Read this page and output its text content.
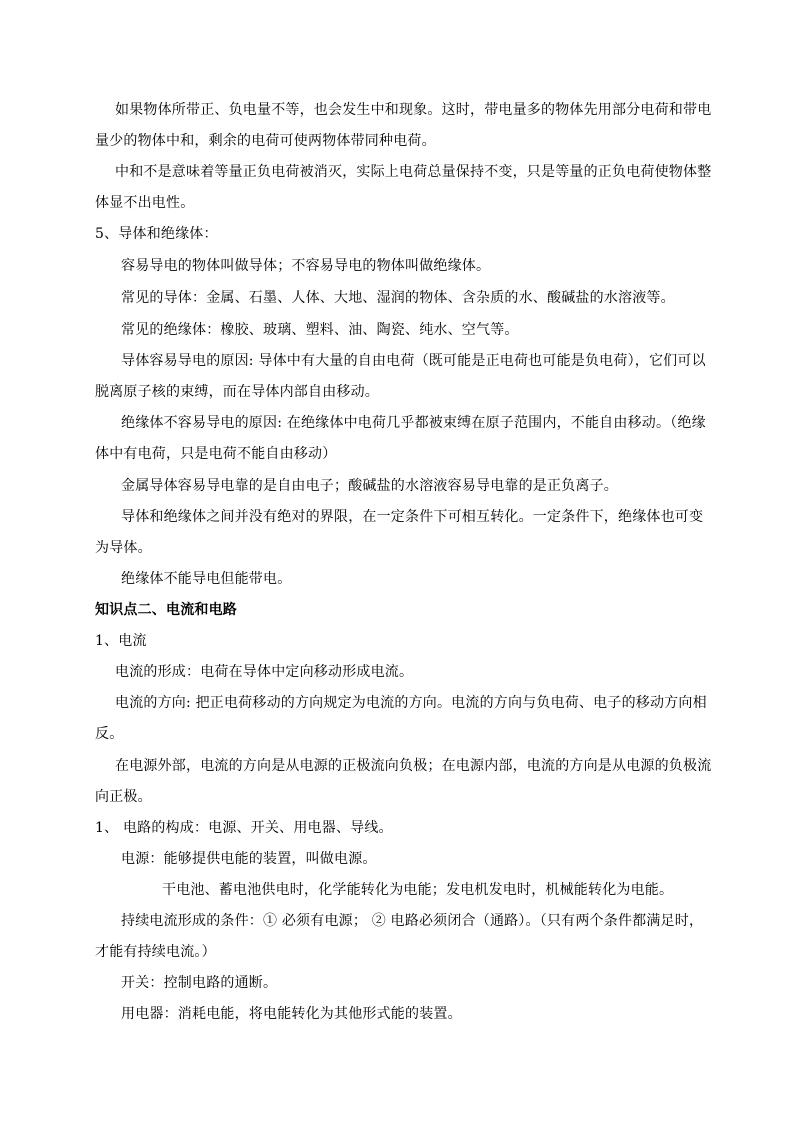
如果物体所带正、负电量不等，也会发生中和现象。这时，带电量多的物体先用部分电荷和带电
量少的物体中和，剩余的电荷可使两物体带同种电荷。
中和不是意味着等量正负电荷被消灭，实际上电荷总量保持不变，只是等量的正负电荷使物体整
体显不出电性。
5、导体和绝缘体：
容易导电的物体叫做导体；不容易导电的物体叫做绝缘体。
常见的导体：金属、石墨、人体、大地、湿润的物体、含杂质的水、酸碱盐的水溶液等。
常见的绝缘体：橡胶、玻璃、塑料、油、陶瓷、纯水、空气等。
导体容易导电的原因: 导体中有大量的自由电荷（既可能是正电荷也可能是负电荷），它们可以
脱离原子核的束缚，而在导体内部自由移动。
绝缘体不容易导电的原因: 在绝缘体中电荷几乎都被束缚在原子范围内，不能自由移动。（绝缘
体中有电荷，只是电荷不能自由移动）
金属导体容易导电靠的是自由电子；酸碱盐的水溶液容易导电靠的是正负离子。
导体和绝缘体之间并没有绝对的界限，在一定条件下可相互转化。一定条件下，绝缘体也可变
为导体。
绝缘体不能导电但能带电。
知识点二、电流和电路
1、电流
电流的形成：电荷在导体中定向移动形成电流。
电流的方向: 把正电荷移动的方向规定为电流的方向。电流的方向与负电荷、电子的移动方向相
反。
在电源外部，电流的方向是从电源的正极流向负极；在电源内部，电流的方向是从电源的负极流
向正极。
1、 电路的构成：电源、开关、用电器、导线。
电源：能够提供电能的装置，叫做电源。
干电池、蓄电池供电时，化学能转化为电能；发电机发电时，机械能转化为电能。
持续电流形成的条件：① 必须有电源； ② 电路必须闭合（通路）。（只有两个条件都满足时，
才能有持续电流。）
开关：控制电路的通断。
用电器：消耗电能，将电能转化为其他形式能的装置。
